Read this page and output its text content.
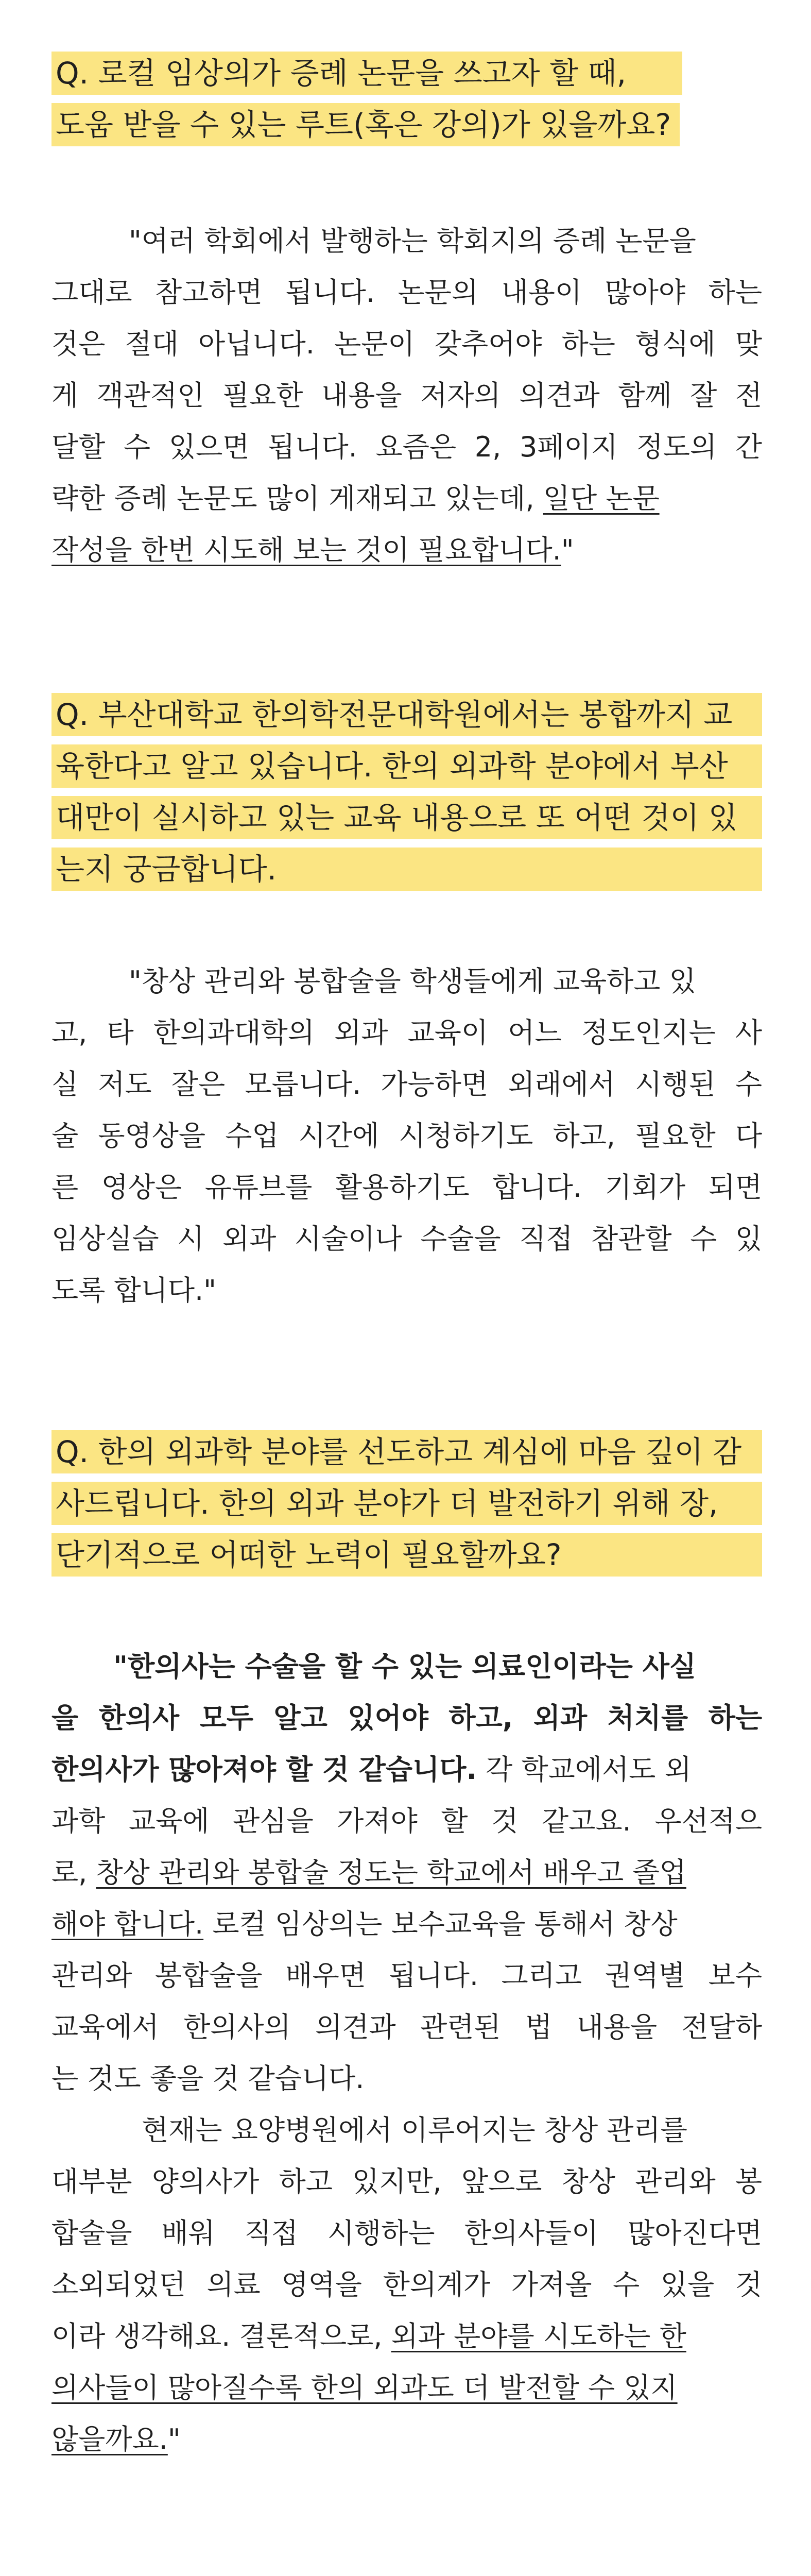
Q. 로컬 임상의가 증례 논문을 쓰고자 할 때,
도움 받을 수 있는 루트(혹은 강의)가 있을까요?
"여러 학회에서 발행하는 학회지의 증례 논문을
그대로 참고하면 됩니다. 논문의 내용이 많아야 하는
것은 절대 아닙니다. 논문이 갖추어야 하는 형식에 맞
게 객관적인 필요한 내용을 저자의 의견과 함께 잘 전
달할 수 있으면 됩니다. 요즘은 2, 3페이지 정도의 간
략한 증례 논문도 많이 게재되고 있는데, 일단 논문
작성을 한번 시도해 보는 것이 필요합니다."
Q. 부산대학교 한의학전문대학원에서는 봉합까지 교
육한다고 알고 있습니다. 한의 외과학 분야에서 부산
대만이 실시하고 있는 교육 내용으로 또 어떤 것이 있
는지 궁금합니다.
"창상 관리와 봉합술을 학생들에게 교육하고 있
고, 타 한의과대학의 외과 교육이 어느 정도인지는 사
실 저도 잘은 모릅니다. 가능하면 외래에서 시행된 수
술 동영상을 수업 시간에 시청하기도 하고, 필요한 다
른 영상은 유튜브를 활용하기도 합니다. 기회가 되면
임상실습 시 외과 시술이나 수술을 직접 참관할 수 있
도록 합니다."
Q. 한의 외과학 분야를 선도하고 계심에 마음 깊이 감
사드립니다. 한의 외과 분야가 더 발전하기 위해 장,
단기적으로 어떠한 노력이 필요할까요?
"한의사는 수술을 할 수 있는 의료인이라는 사실
을 한의사 모두 알고 있어야 하고, 외과 처치를 하는
한의사가 많아져야 할 것 같습니다. 각 학교에서도 외
과학 교육에 관심을 가져야 할 것 같고요. 우선적으
로, 창상 관리와 봉합술 정도는 학교에서 배우고 졸업
해야 합니다. 로컬 임상의는 보수교육을 통해서 창상
관리와 봉합술을 배우면 됩니다. 그리고 권역별 보수
교육에서 한의사의 의견과 관련된 법 내용을 전달하
는 것도 좋을 것 같습니다.
현재는 요양병원에서 이루어지는 창상 관리를
대부분 양의사가 하고 있지만, 앞으로 창상 관리와 봉
합술을 배워 직접 시행하는 한의사들이 많아진다면
소외되었던 의료 영역을 한의계가 가져올 수 있을 것
이라 생각해요. 결론적으로, 외과 분야를 시도하는 한
의사들이 많아질수록 한의 외과도 더 발전할 수 있지
않을까요."
